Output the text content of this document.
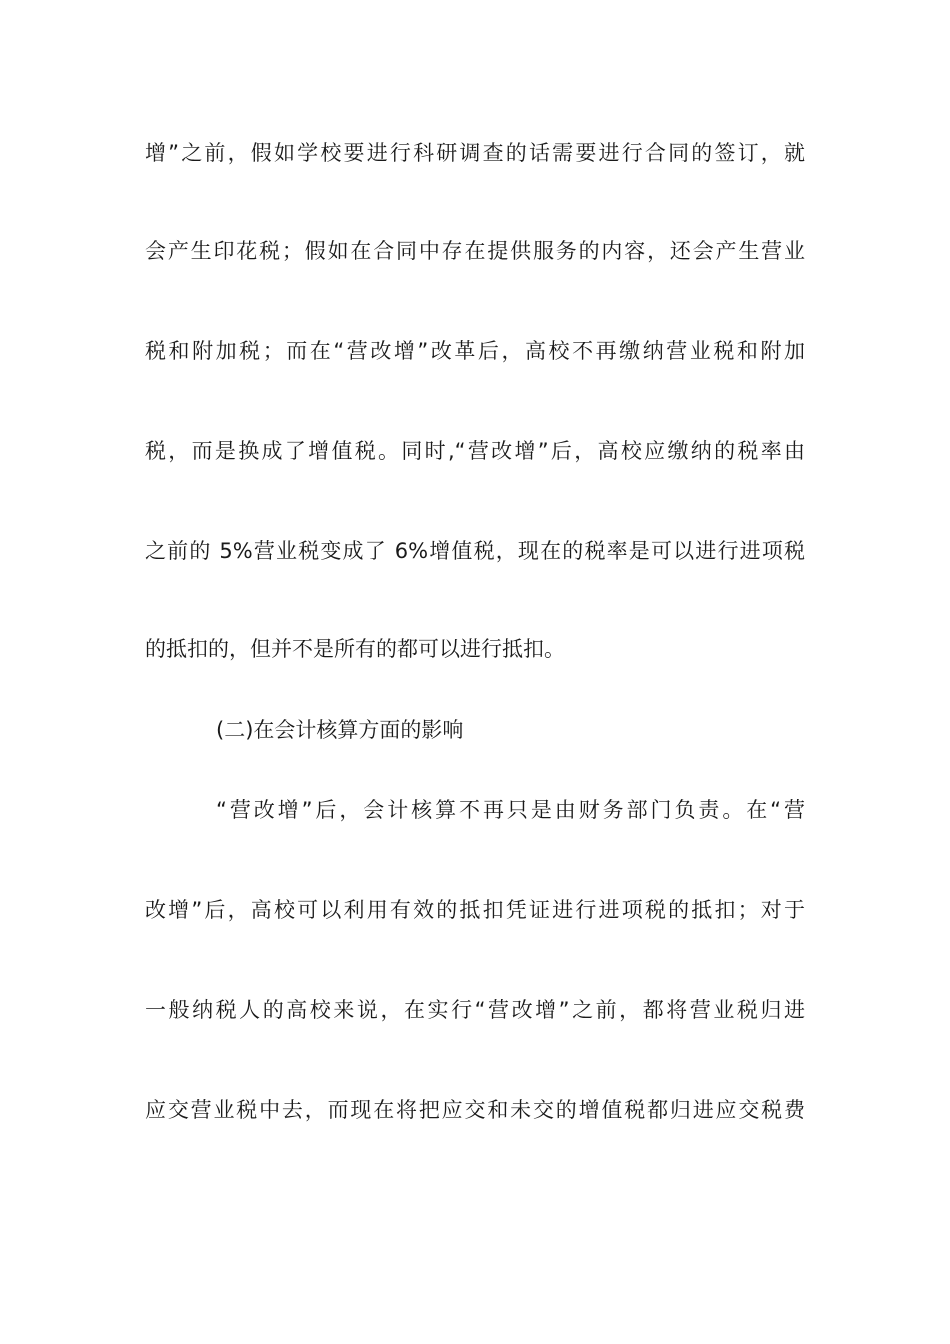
增”之前，假如学校要进行科研调查的话需要进行合同的签订，就
会产生印花税；假如在合同中存在提供服务的内容，还会产生营业
税和附加税；而在“营改增”改革后，高校不再缴纳营业税和附加
税，而是换成了增值税。同时,“营改增”后，高校应缴纳的税率由
之前的 5%营业税变成了 6%增值税，现在的税率是可以进行进项税
的抵扣的，但并不是所有的都可以进行抵扣。
(二)在会计核算方面的影响
“营改增”后，会计核算不再只是由财务部门负责。在“营
改增”后，高校可以利用有效的抵扣凭证进行进项税的抵扣；对于
一般纳税人的高校来说，在实行“营改增”之前，都将营业税归进
应交营业税中去，而现在将把应交和未交的增值税都归进应交税费
